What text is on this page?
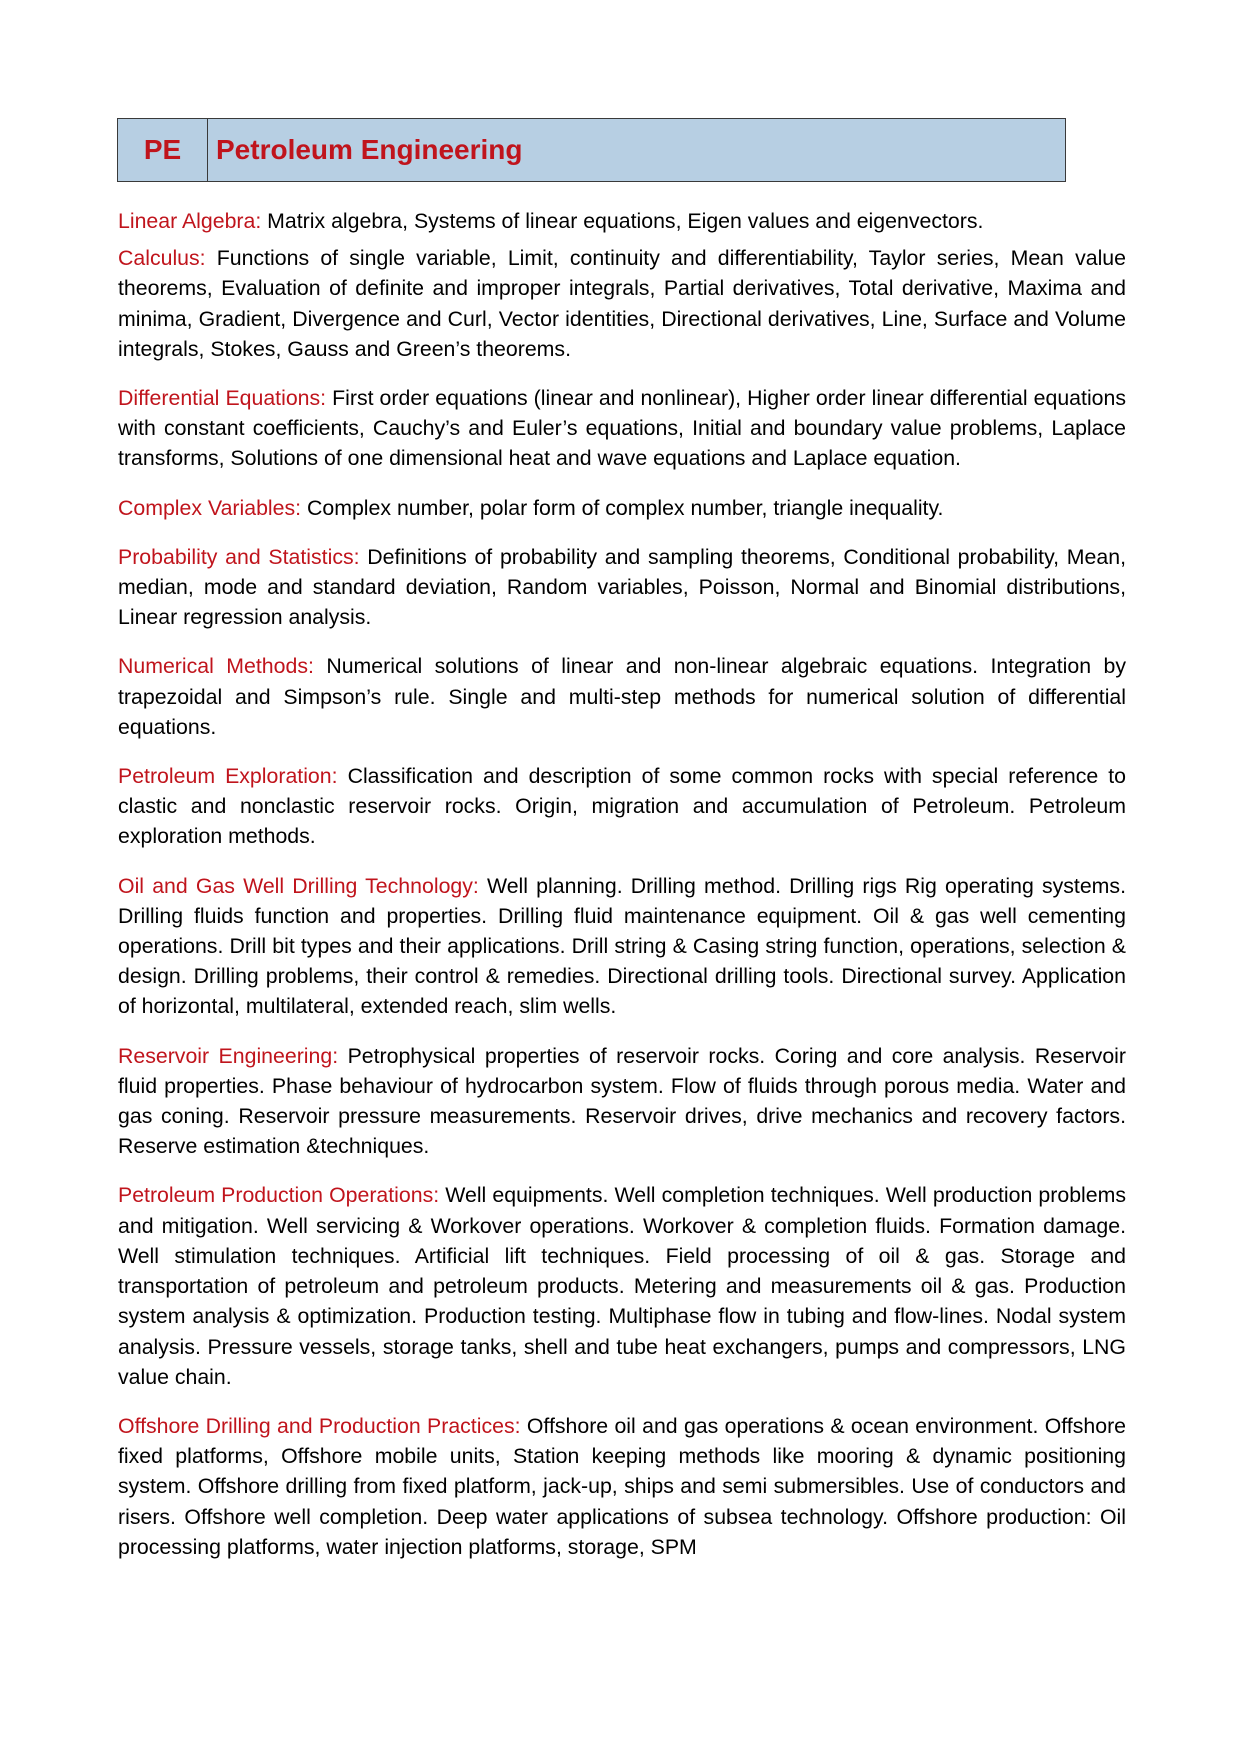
PE	Petroleum Engineering

Linear Algebra: Matrix algebra, Systems of linear equations, Eigen values and eigenvectors.

Calculus: Functions of single variable, Limit, continuity and differentiability, Taylor series, Mean value theorems, Evaluation of definite and improper integrals, Partial derivatives, Total derivative, Maxima and minima, Gradient, Divergence and Curl, Vector identities, Directional derivatives, Line, Surface and Volume integrals, Stokes, Gauss and Green’s theorems.

Differential Equations: First order equations (linear and nonlinear), Higher order linear differential equations with constant coefficients, Cauchy’s and Euler’s equations, Initial and boundary value problems, Laplace transforms, Solutions of one dimensional heat and wave equations and Laplace equation.

Complex Variables: Complex number, polar form of complex number, triangle inequality.

Probability and Statistics: Definitions of probability and sampling theorems, Conditional probability, Mean, median, mode and standard deviation, Random variables, Poisson, Normal and Binomial distributions, Linear regression analysis.

Numerical Methods: Numerical solutions of linear and non-linear algebraic equations. Integration by trapezoidal and Simpson’s rule. Single and multi-step methods for numerical solution of differential equations.

Petroleum Exploration: Classification and description of some common rocks with special reference to clastic and nonclastic reservoir rocks. Origin, migration and accumulation of Petroleum. Petroleum exploration methods.

Oil and Gas Well Drilling Technology: Well planning. Drilling method. Drilling rigs Rig operating systems. Drilling fluids function and properties. Drilling fluid maintenance equipment. Oil & gas well cementing operations. Drill bit types and their applications. Drill string & Casing string function, operations, selection & design. Drilling problems, their control & remedies. Directional drilling tools. Directional survey. Application of horizontal, multilateral, extended reach, slim wells.

Reservoir Engineering: Petrophysical properties of reservoir rocks. Coring and core analysis. Reservoir fluid properties. Phase behaviour of hydrocarbon system. Flow of fluids through porous media. Water and gas coning. Reservoir pressure measurements. Reservoir drives, drive mechanics and recovery factors. Reserve estimation &techniques.

Petroleum Production Operations: Well equipments. Well completion techniques. Well production problems and mitigation. Well servicing & Workover operations. Workover & completion fluids. Formation damage. Well stimulation techniques. Artificial lift techniques. Field processing of oil & gas. Storage and transportation of petroleum and petroleum products. Metering and measurements oil & gas. Production system analysis & optimization. Production testing. Multiphase flow in tubing and flow-lines. Nodal system analysis. Pressure vessels, storage tanks, shell and tube heat exchangers, pumps and compressors, LNG value chain.

Offshore Drilling and Production Practices: Offshore oil and gas operations & ocean environment. Offshore fixed platforms, Offshore mobile units, Station keeping methods like mooring & dynamic positioning system. Offshore drilling from fixed platform, jack-up, ships and semi submersibles. Use of conductors and risers. Offshore well completion. Deep water applications of subsea technology. Offshore production: Oil processing platforms, water injection platforms, storage, SPM
